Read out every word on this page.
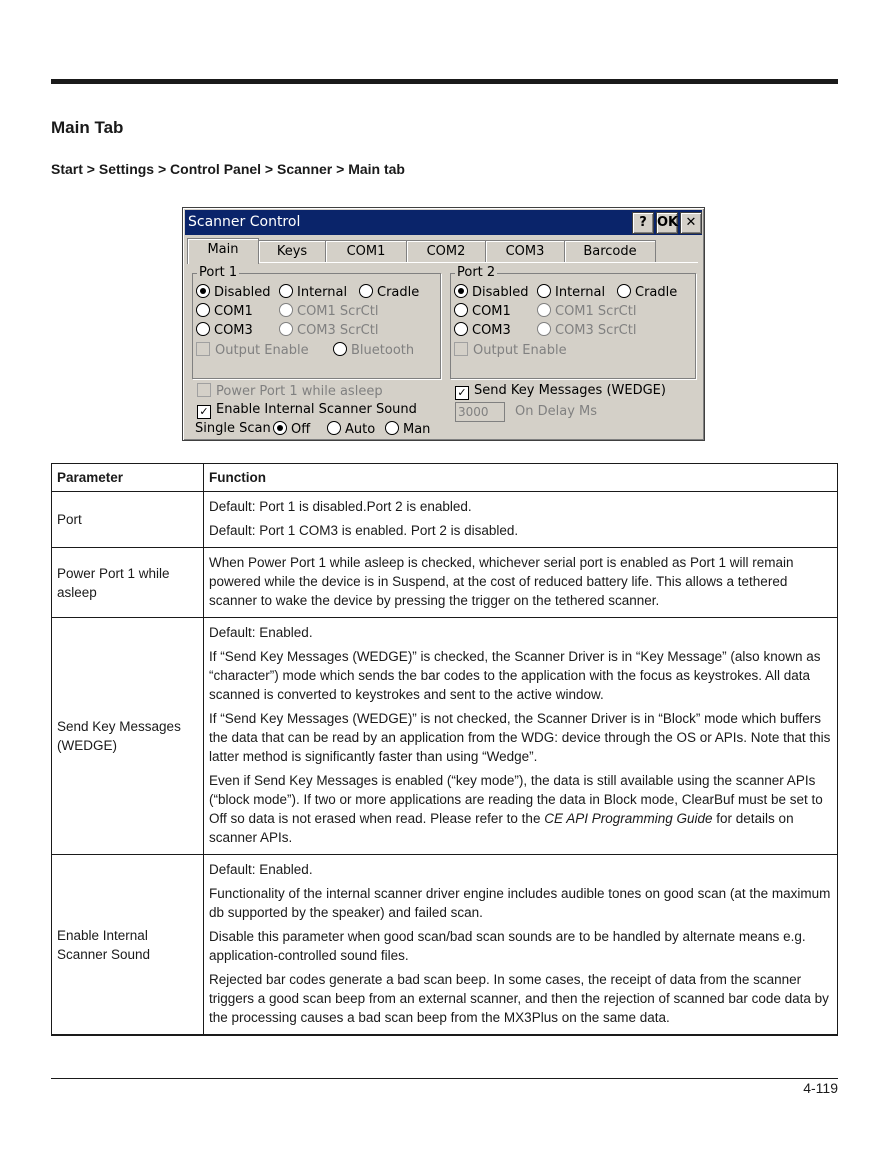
Main Tab
Start > Settings > Control Panel > Scanner > Main tab
Scanner Control	? OK ✕
Main	Keys	COM1	COM2	COM3	Barcode
Port 1
Disabled	Internal	Cradle
COM1	COM1 ScrCtl
COM3	COM3 ScrCtl
Output Enable	Bluetooth
Port 2
Disabled	Internal	Cradle
COM1	COM1 ScrCtl
COM3	COM3 ScrCtl
Output Enable
Power Port 1 while asleep
✓ Enable Internal Scanner Sound
Single Scan	Off	Auto	Man
✓ Send Key Messages (WEDGE)
3000	On Delay Ms
Parameter	Function
Port	Default: Port 1 is disabled.Port 2 is enabled.

Default: Port 1 COM3 is enabled. Port 2 is disabled.

Power Port 1 while asleep	When Power Port 1 while asleep is checked, whichever serial port is enabled as Port 1 will remain powered while the device is in Suspend, at the cost of reduced battery life. This allows a tethered scanner to wake the device by pressing the trigger on the tethered scanner.

Send Key Messages (WEDGE)	Default: Enabled.

If “Send Key Messages (WEDGE)” is checked, the Scanner Driver is in “Key Message” (also known as “character”) mode which sends the bar codes to the application with the focus as keystrokes. All data scanned is converted to keystrokes and sent to the active window.

If “Send Key Messages (WEDGE)” is not checked, the Scanner Driver is in “Block” mode which buffers the data that can be read by an application from the WDG: device through the OS or APIs. Note that this latter method is significantly faster than using “Wedge”.

Even if Send Key Messages is enabled (“key mode”), the data is still available using the scanner APIs (“block mode”). If two or more applications are reading the data in Block mode, ClearBuf must be set to Off so data is not erased when read. Please refer to the CE API Programming Guide for details on scanner APIs.

Enable Internal Scanner Sound	Default: Enabled.

Functionality of the internal scanner driver engine includes audible tones on good scan (at the maximum db supported by the speaker) and failed scan.

Disable this parameter when good scan/bad scan sounds are to be handled by alternate means e.g. application-controlled sound files.

Rejected bar codes generate a bad scan beep. In some cases, the receipt of data from the scanner triggers a good scan beep from an external scanner, and then the rejection of scanned bar code data by the processing causes a bad scan beep from the MX3Plus on the same data.

4-119
